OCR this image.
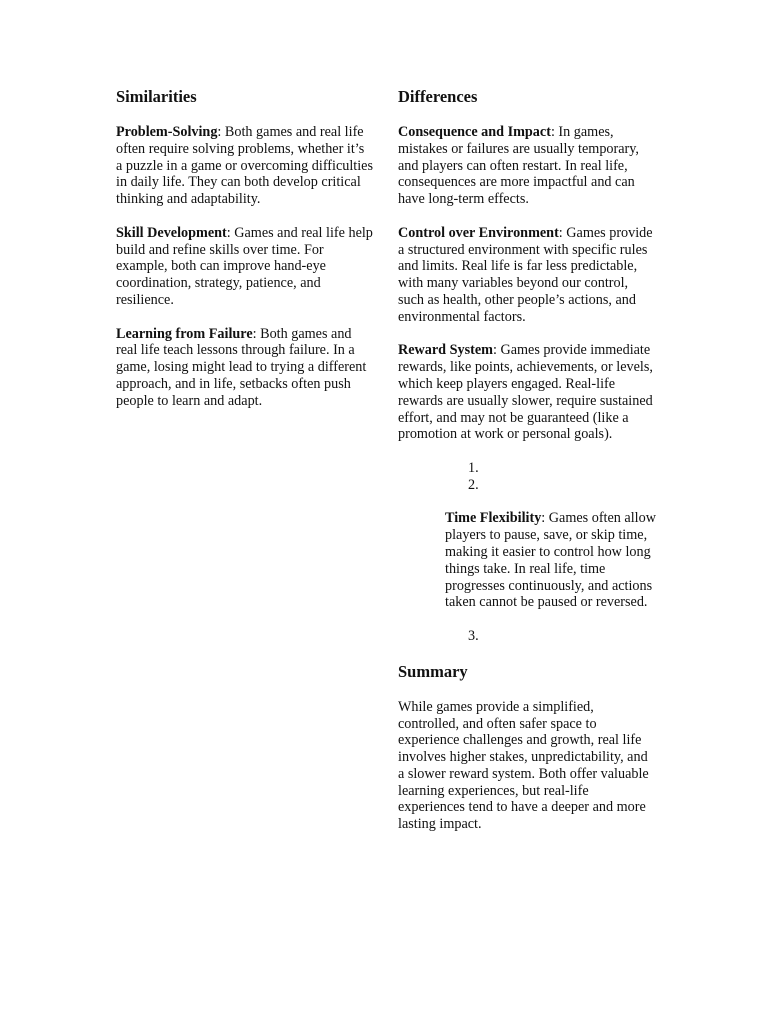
Similarities

Problem-Solving: Both games and real life often require solving problems, whether it’s a puzzle in a game or overcoming difficulties in daily life. They can both develop critical thinking and adaptability.

Skill Development: Games and real life help build and refine skills over time. For example, both can improve hand-eye coordination, strategy, patience, and resilience.

Learning from Failure: Both games and real life teach lessons through failure. In a game, losing might lead to trying a different approach, and in life, setbacks often push people to learn and adapt.

Differences

Consequence and Impact: In games, mistakes or failures are usually temporary, and players can often restart. In real life, consequences are more impactful and can have long-term effects.

Control over Environment: Games provide a structured environment with specific rules and limits. Real life is far less predictable, with many variables beyond our control, such as health, other people’s actions, and environmental factors.

Reward System: Games provide immediate rewards, like points, achievements, or levels, which keep players engaged. Real-life rewards are usually slower, require sustained effort, and may not be guaranteed (like a promotion at work or personal goals).

1.
2.

Time Flexibility: Games often allow players to pause, save, or skip time, making it easier to control how long things take. In real life, time progresses continuously, and actions taken cannot be paused or reversed.

3.
Summary

While games provide a simplified, controlled, and often safer space to experience challenges and growth, real life involves higher stakes, unpredictability, and a slower reward system. Both offer valuable learning experiences, but real-life experiences tend to have a deeper and more lasting impact.
